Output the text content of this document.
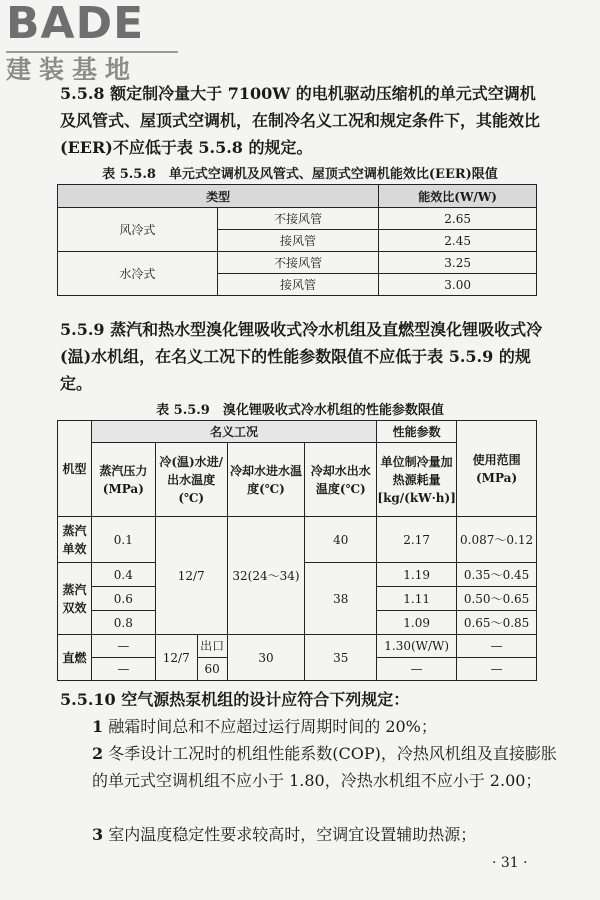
BADE
建装基地

5.5.8 额定制冷量大于 7100W 的电机驱动压缩机的单元式空调机及风管式、屋顶式空调机，在制冷名义工况和规定条件下，其能效比(EER)不应低于表 5.5.8 的规定。

表 5.5.8　单元式空调机及风管式、屋顶式空调机能效比(EER)限值
类型		能效比(W/W)
风冷式	不接风管	2.65
	接风管	2.45
水冷式	不接风管	3.25
	接风管	3.00

5.5.9 蒸汽和热水型溴化锂吸收式冷水机组及直燃型溴化锂吸收式冷(温)水机组，在名义工况下的性能参数限值不应低于表 5.5.9 的规定。

表 5.5.9　溴化锂吸收式冷水机组的性能参数限值
机型	名义工况					性能参数	使用范围(MPa)
	蒸汽压力(MPa)	冷(温)水进/出水温度(℃)		冷却水进水温度(℃)	冷却水出水温度(℃)	单位制冷量加热源耗量[kg/(kW·h)]	
蒸汽单效	0.1	12/7		32(24～34)	40	2.17	0.087～0.12
蒸汽双效	0.4				38	1.19	0.35～0.45
	0.6					1.11	0.50～0.65
	0.8					1.09	0.65～0.85
直燃	—	12/7	出口	30	35	1.30(W/W)	—
	—		60			—	—

5.5.10 空气源热泵机组的设计应符合下列规定：

1 融霜时间总和不应超过运行周期时间的 20%；

2 冬季设计工况时的机组性能系数(COP)，冷热风机组及直接膨胀的单元式空调机组不应小于 1.80，冷热水机组不应小于 2.00；

3 室内温度稳定性要求较高时，空调宜设置辅助热源；

· 31 ·
